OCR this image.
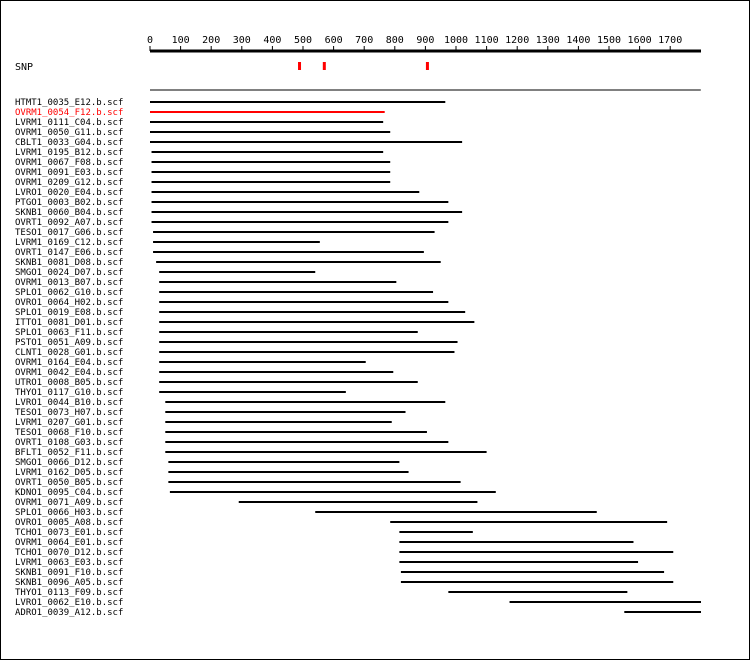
0 100 200 300 400 500 600 700 800 900 1000 1100 1200 1300 1400 1500 1600 1700
SNP
HTMT1_0035_E12.b.scf
OVRM1_0054_F12.b.scf
LVRM1_0111_C04.b.scf
OVRM1_0050_G11.b.scf
CBLT1_0033_G04.b.scf
LVRM1_0195_B12.b.scf
OVRM1_0067_F08.b.scf
OVRM1_0091_E03.b.scf
OVRM1_0209_G12.b.scf
LVRO1_0020_E04.b.scf
PTGO1_0003_B02.b.scf
SKNB1_0060_B04.b.scf
OVRT1_0092_A07.b.scf
TESO1_0017_G06.b.scf
LVRM1_0169_C12.b.scf
OVRT1_0147_E06.b.scf
SKNB1_0081_D08.b.scf
SMGO1_0024_D07.b.scf
OVRM1_0013_B07.b.scf
SPLO1_0062_G10.b.scf
OVRO1_0064_H02.b.scf
SPLO1_0019_E08.b.scf
ITTO1_0081_D01.b.scf
SPLO1_0063_F11.b.scf
PSTO1_0051_A09.b.scf
CLNT1_0028_G01.b.scf
OVRM1_0164_E04.b.scf
OVRM1_0042_E04.b.scf
UTRO1_0008_B05.b.scf
THYO1_0117_G10.b.scf
LVRO1_0044_B10.b.scf
TESO1_0073_H07.b.scf
LVRM1_0207_G01.b.scf
TESO1_0068_F10.b.scf
OVRT1_0108_G03.b.scf
BFLT1_0052_F11.b.scf
SMGO1_0066_D12.b.scf
LVRM1_0162_D05.b.scf
OVRT1_0050_B05.b.scf
KDNO1_0095_C04.b.scf
OVRM1_0071_A09.b.scf
SPLO1_0066_H03.b.scf
OVRO1_0005_A08.b.scf
TCHO1_0073_E01.b.scf
OVRM1_0064_E01.b.scf
TCHO1_0070_D12.b.scf
LVRM1_0063_E03.b.scf
SKNB1_0091_F10.b.scf
SKNB1_0096_A05.b.scf
THYO1_0113_F09.b.scf
LVRO1_0062_E10.b.scf
ADRO1_0039_A12.b.scf
